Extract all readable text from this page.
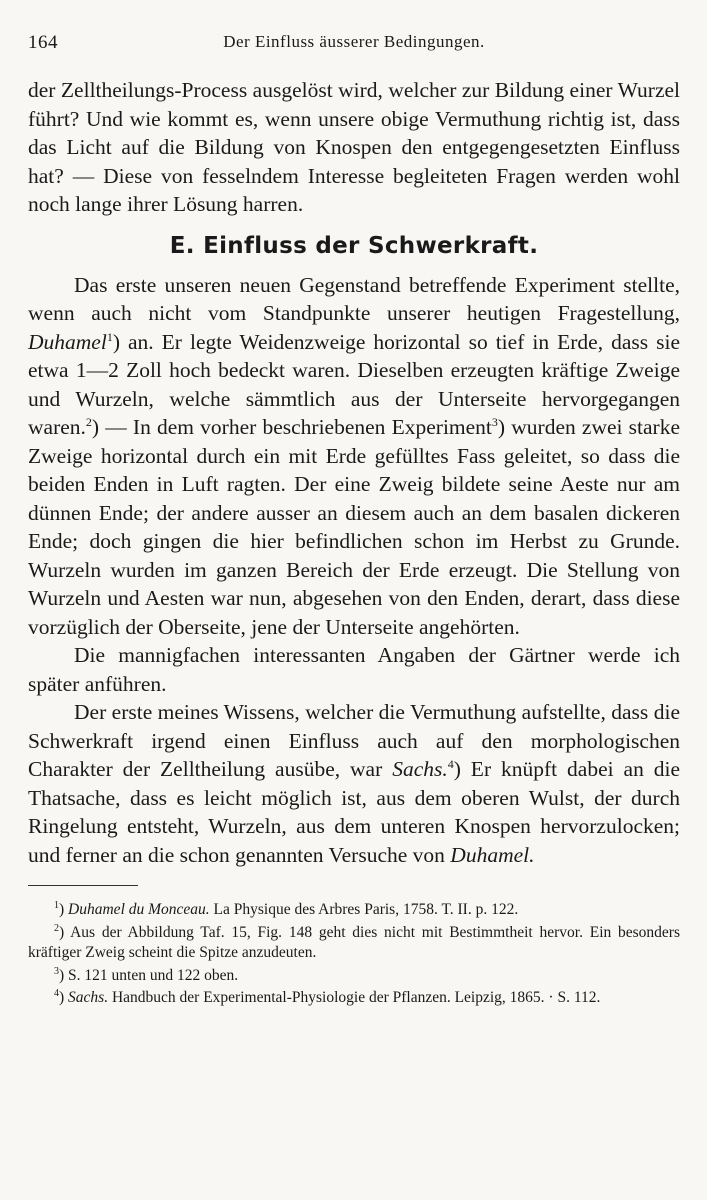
164	Der Einfluss äusserer Bedingungen.

der Zelltheilungs-Process ausgelöst wird, welcher zur Bildung einer Wurzel führt? Und wie kommt es, wenn unsere obige Vermuthung richtig ist, dass das Licht auf die Bildung von Knospen den entgegengesetzten Einfluss hat? — Diese von fesselndem Interesse begleiteten Fragen werden wohl noch lange ihrer Lösung harren.

E. Einfluss der Schwerkraft.

Das erste unseren neuen Gegenstand betreffende Experiment stellte, wenn auch nicht vom Standpunkte unserer heutigen Fragestellung, Duhamel$^1$) an. Er legte Weidenzweige horizontal so tief in Erde, dass sie etwa 1—2 Zoll hoch bedeckt waren. Dieselben erzeugten kräftige Zweige und Wurzeln, welche sämmtlich aus der Unterseite hervorgegangen waren.$^2$) — In dem vorher beschriebenen Experiment$^3$) wurden zwei starke Zweige horizontal durch ein mit Erde gefülltes Fass geleitet, so dass die beiden Enden in Luft ragten. Der eine Zweig bildete seine Aeste nur am dünnen Ende; der andere ausser an diesem auch an dem basalen dickeren Ende; doch gingen die hier befindlichen schon im Herbst zu Grunde. Wurzeln wurden im ganzen Bereich der Erde erzeugt. Die Stellung von Wurzeln und Aesten war nun, abgesehen von den Enden, derart, dass diese vorzüglich der Oberseite, jene der Unterseite angehörten.

Die mannigfachen interessanten Angaben der Gärtner werde ich später anführen.

Der erste meines Wissens, welcher die Vermuthung aufstellte, dass die Schwerkraft irgend einen Einfluss auch auf den morphologischen Charakter der Zelltheilung ausübe, war Sachs.$^4$) Er knüpft dabei an die Thatsache, dass es leicht möglich ist, aus dem oberen Wulst, der durch Ringelung entsteht, Wurzeln, aus dem unteren Knospen hervorzulocken; und ferner an die schon genannten Versuche von Duhamel.

$^1$) Duhamel du Monceau. La Physique des Arbres Paris, 1758. T. II. p. 122.

$^2$) Aus der Abbildung Taf. 15, Fig. 148 geht dies nicht mit Bestimmtheit hervor. Ein besonders kräftiger Zweig scheint die Spitze anzudeuten.

$^3$) S. 121 unten und 122 oben.

$^4$) Sachs. Handbuch der Experimental-Physiologie der Pflanzen. Leipzig, 1865. · S. 112.
